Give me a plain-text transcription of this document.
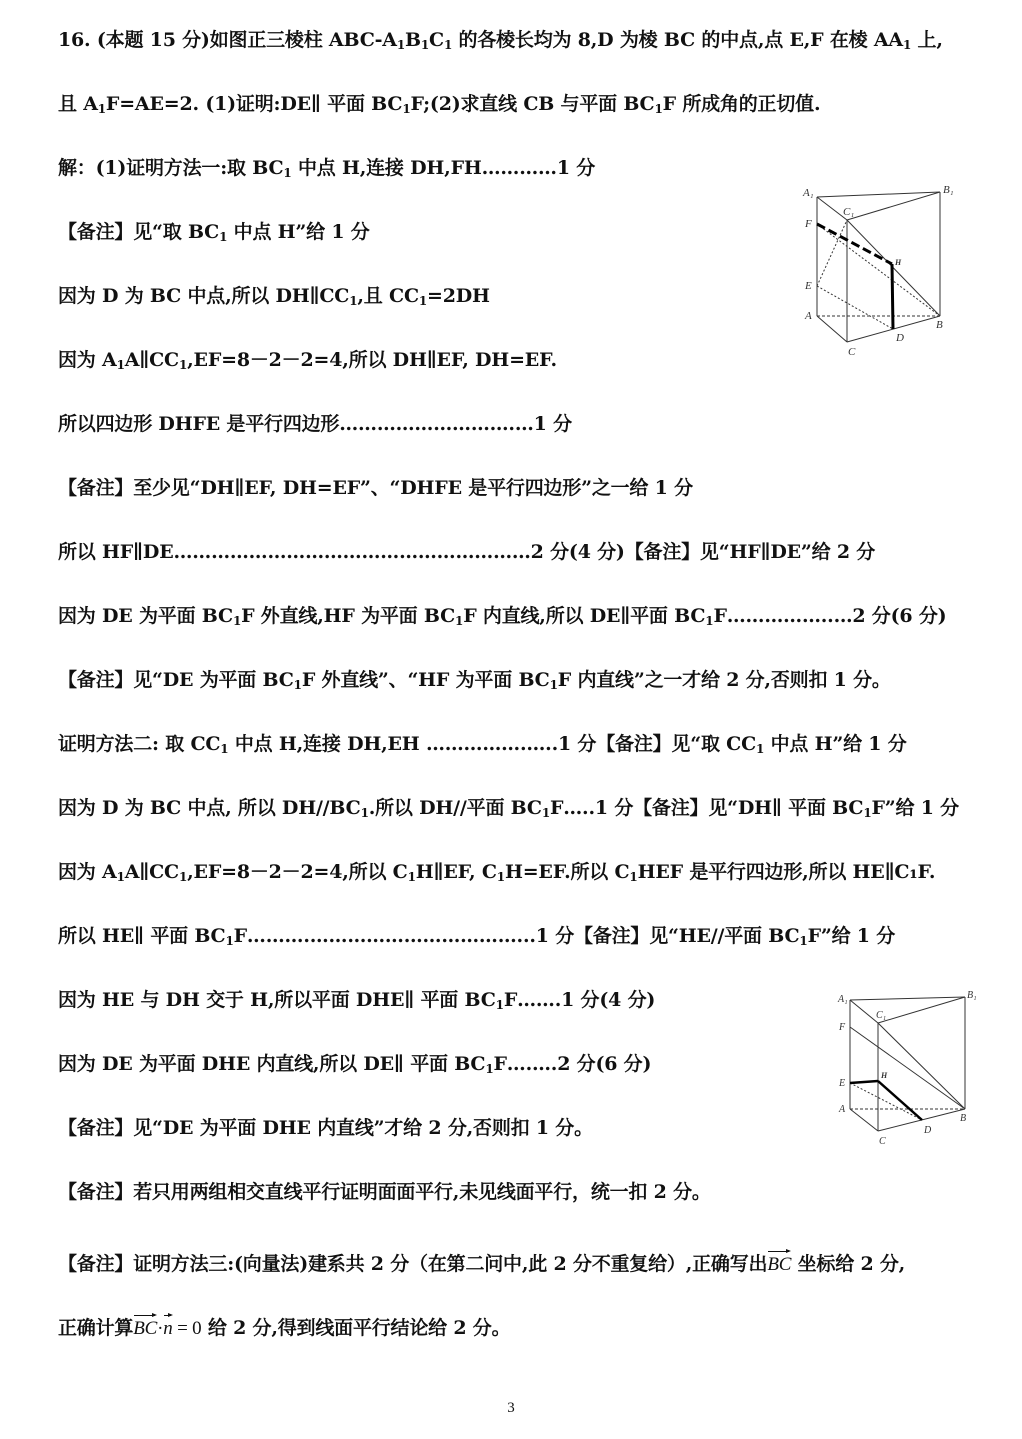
16. (本题 15 分)如图正三棱柱 ABC-$A_1B_1C_1$ 的各棱长均为 8,D 为棱 BC 的中点,点 E,F 在棱 $AA_1$ 上,
且 $A_1F=AE=2$. (1)证明:DE∥ 平面 $BC_1F;(2)$求直线 CB 与平面 $BC_1F$ 所成角的正切值.
解：(1)证明方法一:取 $BC_1$ 中点 H,连接 DH,FH…………1 分
【备注】见“取 $BC_1$ 中点 H”给 1 分
因为 D 为 BC 中点,所以 $DH\parallel CC_1$,且 $CC_1=2DH$
因为 $A_1A\parallel CC_1,EF=8-2-2=4$,所以 DH∥EF, DH=EF.
所以四边形 DHFE 是平行四边形……………………….…1 分
【备注】至少见“DH∥EF, DH=EF”、“DHFE 是平行四边形”之一给 1 分
所以 HF∥DE…………………………………………………2 分(4 分)【备注】见“HF∥DE”给 2 分
因为 DE 为平面 $BC_1F$ 外直线,HF 为平面 $BC_1F$ 内直线,所以 DE∥平面 $BC_1F\dots\dots\dots\dots\dots..\dots 2$ 分(6 分)
【备注】见“DE 为平面 $BC_1F$ 外直线”、“HF 为平面 $BC_1F$ 内直线”之一才给 2 分,否则扣 1 分。
证明方法二: 取 $CC_1$ 中点 H,连接 DH,EH …………….…..1 分【备注】见“取 $CC_1$ 中点 H”给 1 分
因为 D 为 BC 中点, 所以 $DH//BC_1$.所以 DH//平面 $BC_1F\dots..1$ 分【备注】见“DH∥ 平面 $BC_1F$”给 1 分
因为 $A_1A\parallel CC_1,EF=8-2-2=4$,所以 $C_1H\parallel EF$, $C_1H=EF$.所以 $C_1HEF$ 是平行四边形,所以 HE∥C₁F.
所以 HE∥ 平面 $BC_1F\dots\dots\dots.\dots\dots\dots\dots\dots\dots\dots\dots\dots\dots\dots...1$ 分【备注】见“HE//平面 $BC_1F$”给 1 分
因为 HE 与 DH 交于 H,所以平面 DHE∥ 平面 $BC_1F\dots\dots.1$ 分(4 分)
因为 DE 为平面 DHE 内直线,所以 DE∥ 平面 $BC_1F\dots.\dots.2$ 分(6 分)
【备注】见“DE 为平面 DHE 内直线”才给 2 分,否则扣 1 分。
【备注】若只用两组相交直线平行证明面面平行,未见线面平行，统一扣 2 分。
【备注】证明方法三:(向量法)建系共 2 分（在第二问中,此 2 分不重复给）,正确写出
BC 坐标给 2 分,
正确计算
BC·
n = 0 给 2 分,得到线面平行结论给 2 分。
A₁	B₁
C₁
F
E
A
B
C
D
H
A₁	B₁
C₁
F
E
A
B
C
D
H
3
